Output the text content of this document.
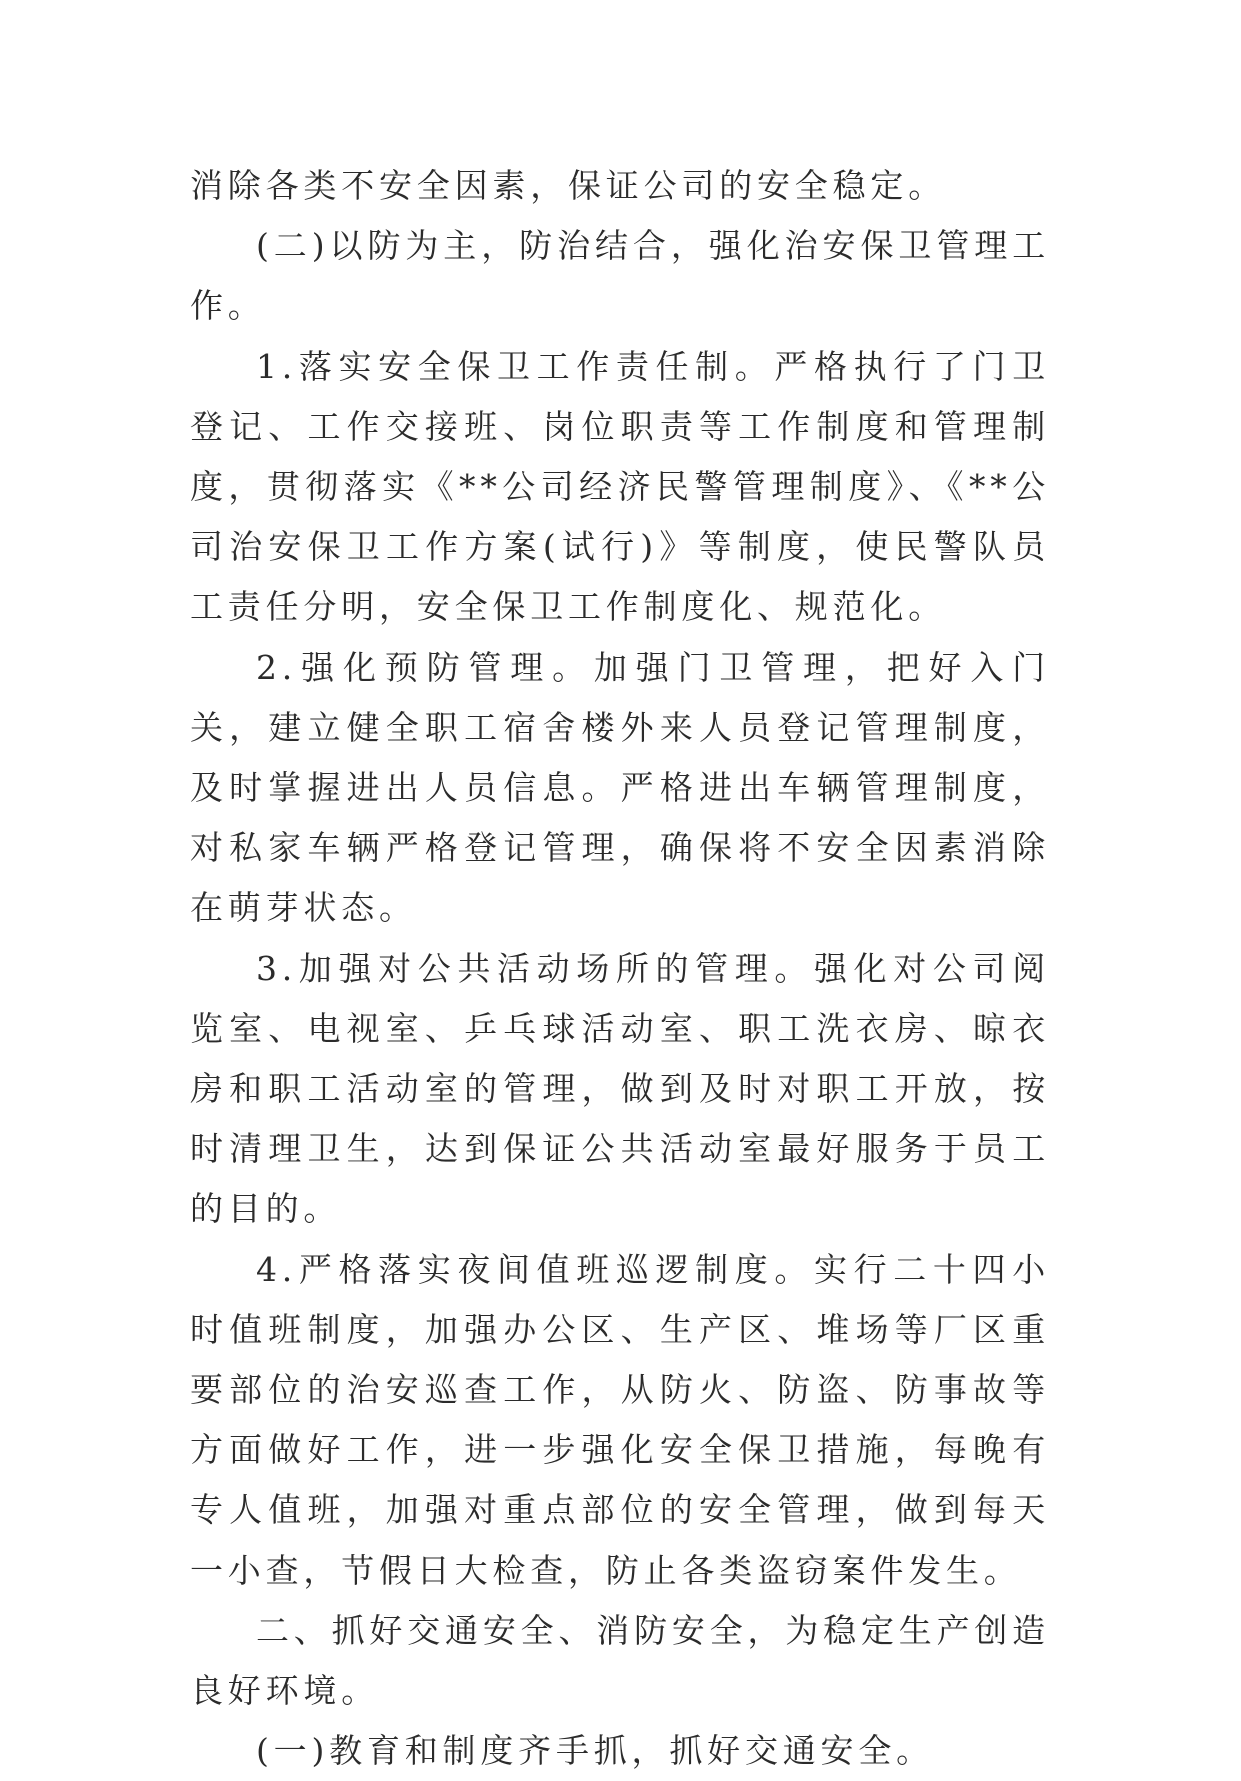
消除各类不安全因素，保证公司的安全稳定。

(二)以防为主，防治结合，强化治安保卫管理工作。

1.落实安全保卫工作责任制。严格执行了门卫登记、工作交接班、岗位职责等工作制度和管理制度，贯彻落实《**公司经济民警管理制度》、《**公司治安保卫工作方案(试行)》等制度，使民警队员工责任分明，安全保卫工作制度化、规范化。

2.强化预防管理。加强门卫管理，把好入门关，建立健全职工宿舍楼外来人员登记管理制度，及时掌握进出人员信息。严格进出车辆管理制度，对私家车辆严格登记管理，确保将不安全因素消除在萌芽状态。

3.加强对公共活动场所的管理。强化对公司阅览室、电视室、乒乓球活动室、职工洗衣房、晾衣房和职工活动室的管理，做到及时对职工开放，按时清理卫生，达到保证公共活动室最好服务于员工的目的。

4.严格落实夜间值班巡逻制度。实行二十四小时值班制度，加强办公区、生产区、堆场等厂区重要部位的治安巡查工作，从防火、防盗、防事故等方面做好工作，进一步强化安全保卫措施，每晚有专人值班，加强对重点部位的安全管理，做到每天一小查，节假日大检查，防止各类盗窃案件发生。

二、抓好交通安全、消防安全，为稳定生产创造良好环境。

(一)教育和制度齐手抓，抓好交通安全。
